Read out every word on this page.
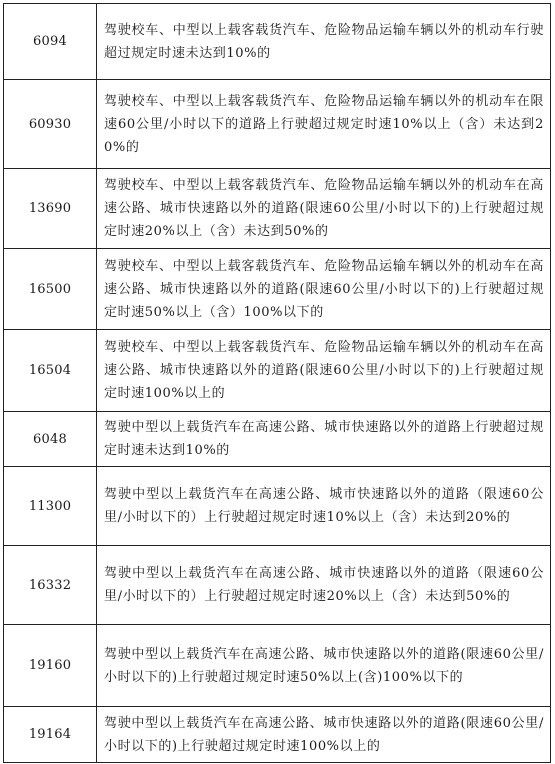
6094	驾驶校车、中型以上载客载货汽车、危险物品运输车辆以外的机动车行驶超过规定时速未达到10%的
60930	驾驶校车、中型以上载客载货汽车、危险物品运输车辆以外的机动车在限速60公里/小时以下的道路上行驶超过规定时速10%以上（含）未达到20%的
13690	驾驶校车、中型以上载客载货汽车、危险物品运输车辆以外的机动车在高速公路、城市快速路以外的道路(限速60公里/小时以下的)上行驶超过规定时速20%以上（含）未达到50%的
16500	驾驶校车、中型以上载客载货汽车、危险物品运输车辆以外的机动车在高速公路、城市快速路以外的道路(限速60公里/小时以下的)上行驶超过规定时速50%以上（含）100%以下的
16504	驾驶校车、中型以上载客载货汽车、危险物品运输车辆以外的机动车在高速公路、城市快速路以外的道路(限速60公里/小时以下的)上行驶超过规定时速100%以上的
6048	驾驶中型以上载货汽车在高速公路、城市快速路以外的道路上行驶超过规定时速未达到10%的
11300	驾驶中型以上载货汽车在高速公路、城市快速路以外的道路（限速60公里/小时以下的）上行驶超过规定时速10%以上（含）未达到20%的
16332	驾驶中型以上载货汽车在高速公路、城市快速路以外的道路（限速60公里/小时以下的）上行驶超过规定时速20%以上（含）未达到50%的
19160	驾驶中型以上载货汽车在高速公路、城市快速路以外的道路(限速60公里/小时以下的)上行驶超过规定时速50%以上(含)100%以下的
19164	驾驶中型以上载货汽车在高速公路、城市快速路以外的道路(限速60公里/小时以下的)上行驶超过规定时速100%以上的
